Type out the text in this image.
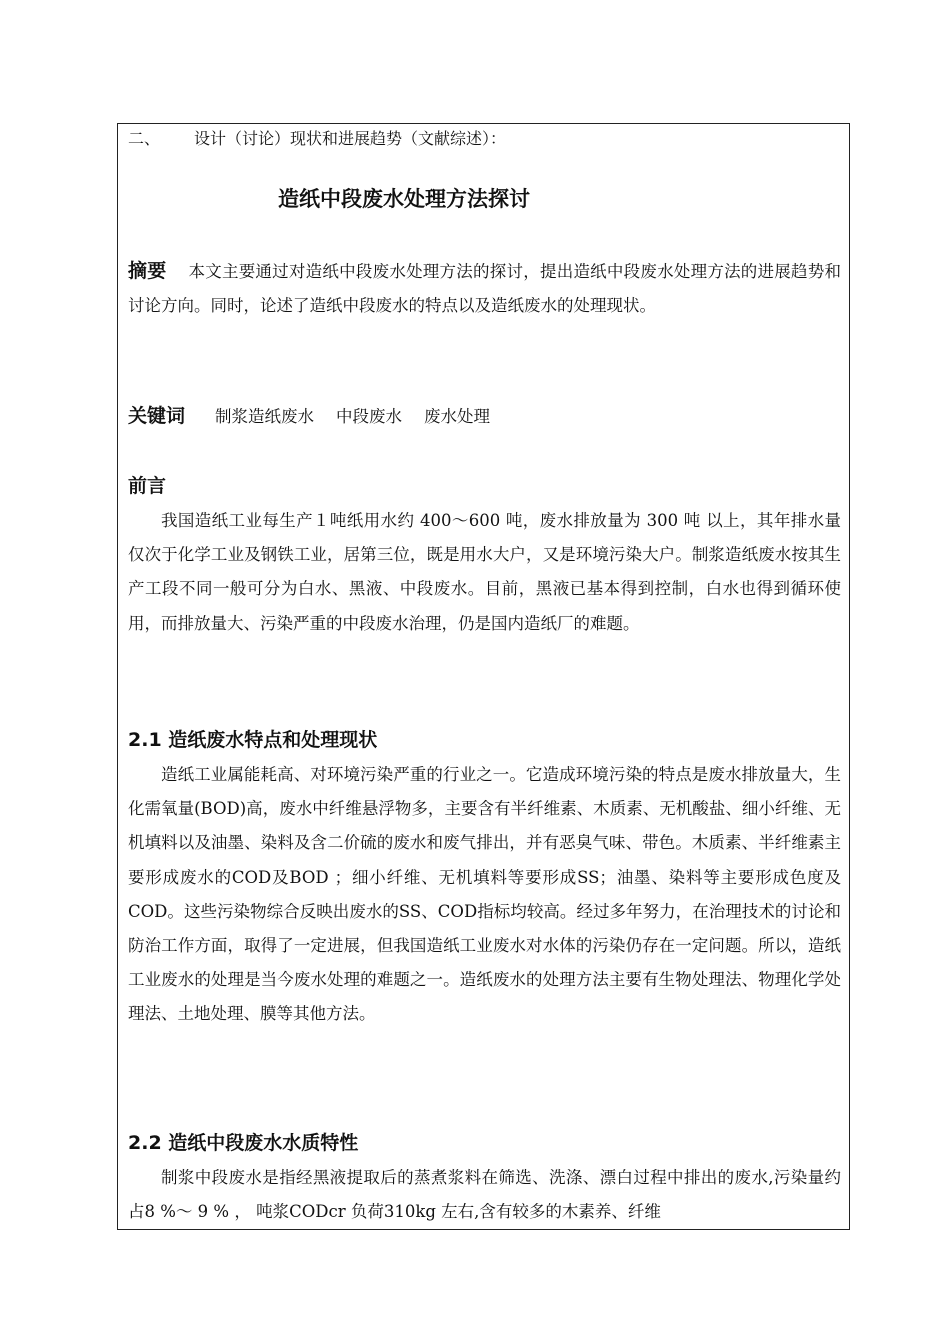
二、 设计（讨论）现状和进展趋势（文献综述）：
造纸中段废水处理方法探讨
摘要 本文主要通过对造纸中段废水处理方法的探讨，提出造纸中段废水处理方法的进展趋势和讨论方向。同时，论述了造纸中段废水的特点以及造纸废水的处理现状。
关键词 制浆造纸废水 中段废水 废水处理
前言
我国造纸工业每生产１吨纸用水约 400～600 吨，废水排放量为 300 吨 以上，其年排水量仅次于化学工业及钢铁工业，居第三位，既是用水大户，又是环境污染大户。制浆造纸废水按其生产工段不同一般可分为白水、黑液、中段废水。目前，黑液已基本得到控制，白水也得到循环使用，而排放量大、污染严重的中段废水治理，仍是国内造纸厂的难题。
2.1 造纸废水特点和处理现状
造纸工业属能耗高、对环境污染严重的行业之一。它造成环境污染的特点是废水排放量大，生化需氧量(BOD)高，废水中纤维悬浮物多，主要含有半纤维素、木质素、无机酸盐、细小纤维、无机填料以及油墨、染料及含二价硫的废水和废气排出，并有恶臭气味、带色。木质素、半纤维素主要形成废水的COD及BOD ；细小纤维、无机填料等要形成SS；油墨、染料等主要形成色度及COD。这些污染物综合反映出废水的SS、COD指标均较高。经过多年努力，在治理技术的讨论和防治工作方面，取得了一定进展，但我国造纸工业废水对水体的污染仍存在一定问题。所以，造纸工业废水的处理是当今废水处理的难题之一。造纸废水的处理方法主要有生物处理法、物理化学处理法、土地处理、膜等其他方法。
2.2 造纸中段废水水质特性
制浆中段废水是指经黑液提取后的蒸煮浆料在筛选、洗涤、漂白过程中排出的废水,污染量约占8 %～ 9 % ， 吨浆CODcr 负荷310kg 左右,含有较多的木素养、纤维
